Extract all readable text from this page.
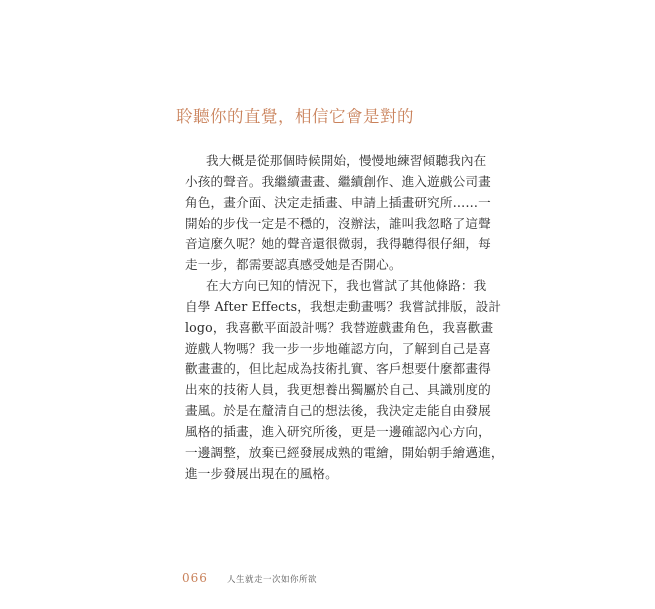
聆聽你的直覺，相信它會是對的
我大概是從那個時候開始，慢慢地練習傾聽我內在
小孩的聲音。我繼續畫畫、繼續創作、進入遊戲公司畫
角色，畫介面、決定走插畫、申請上插畫研究所……一
開始的步伐一定是不穩的，沒辦法，誰叫我忽略了這聲
音這麼久呢？她的聲音還很微弱，我得聽得很仔細，每
走一步，都需要認真感受她是否開心。
在大方向已知的情況下，我也嘗試了其他條路：我
自學 After Effects，我想走動畫嗎？我嘗試排版，設計
logo，我喜歡平面設計嗎？我替遊戲畫角色，我喜歡畫
遊戲人物嗎？我一步一步地確認方向，了解到自己是喜
歡畫畫的，但比起成為技術扎實、客戶想要什麼都畫得
出來的技術人員，我更想養出獨屬於自己、具識別度的
畫風。於是在釐清自己的想法後，我決定走能自由發展
風格的插畫，進入研究所後，更是一邊確認內心方向，
一邊調整，放棄已經發展成熟的電繪，開始朝手繪邁進，
進一步發展出現在的風格。
066 人生就走一次如你所欲
